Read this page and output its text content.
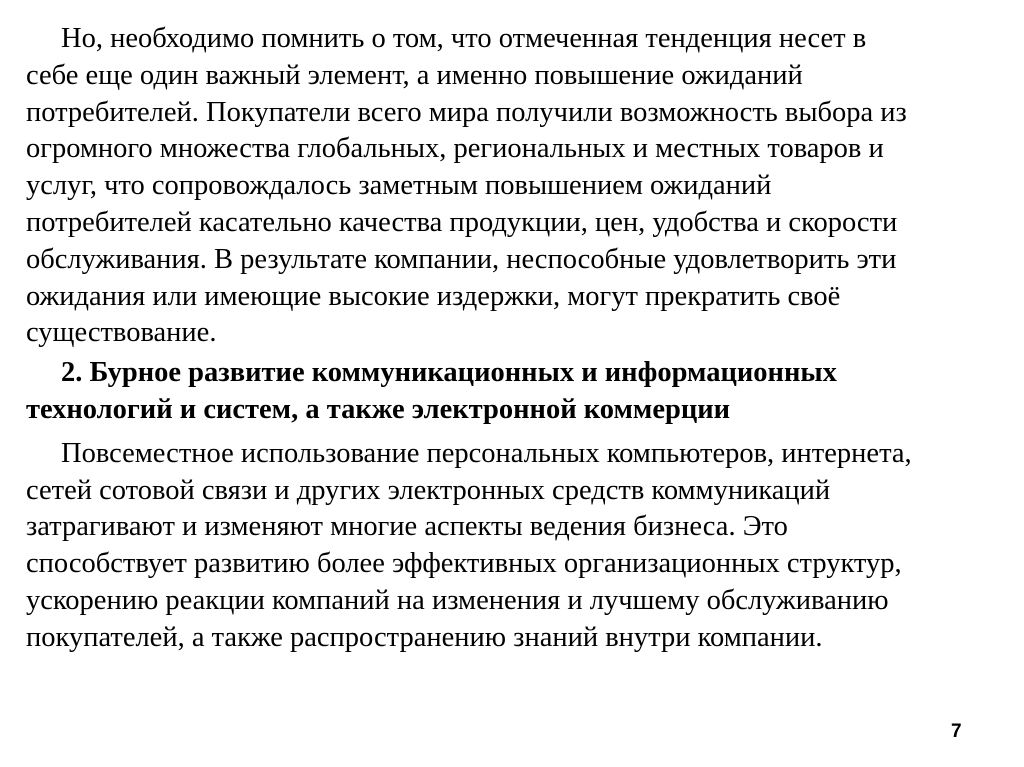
Но, необходимо помнить о том, что отмеченная тенденция несет в
себе еще один важный элемент, а именно повышение ожиданий
потребителей. Покупатели всего мира получили возможность выбора из
огромного множества глобальных, региональных и местных товаров и
услуг, что сопровождалось заметным повышением ожиданий
потребителей касательно качества продукции, цен, удобства и скорости
обслуживания. В результате компании, неспособные удовлетворить эти
ожидания или имеющие высокие издержки, могут прекратить своё
существование.

2. Бурное развитие коммуникационных и информационных
технологий и систем, а также электронной коммерции

Повсеместное использование персональных компьютеров, интернета,
сетей сотовой связи и других электронных средств коммуникаций
затрагивают и изменяют многие аспекты ведения бизнеса. Это
способствует развитию более эффективных организационных структур,
ускорению реакции компаний на изменения и лучшему обслуживанию
покупателей, а также распространению знаний внутри компании.

7
